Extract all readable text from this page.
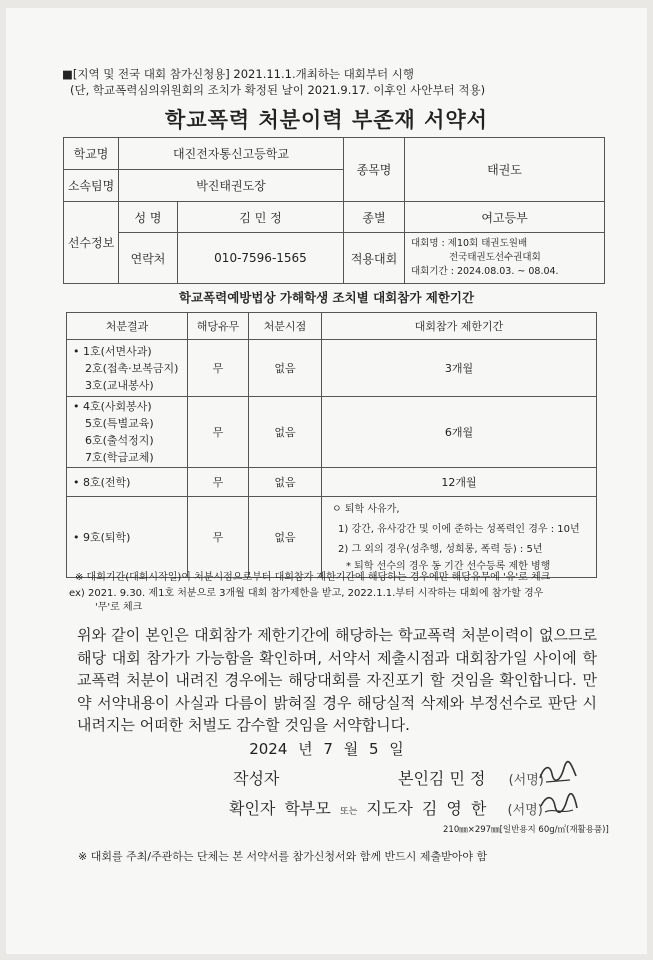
■[지역 및 전국 대회 참가신청용] 2021.11.1.개최하는 대회부터 시행
(단, 학교폭력심의위원회의 조치가 확정된 날이 2021.9.17. 이후인 사안부터 적용)
학교폭력 처분이력 부존재 서약서
학교명	대진전자통신고등학교		종목명	태권도
소속팀명	박진태권도장			
선수정보	성 명	김 민 정	종별	여고등부
	연락처	010-7596-1565	적용대회	대회명 : 제10회 태권도원배
전국태권도선수권대회
대회기간 : 2024.08.03. ~ 08.04.
학교폭력예방법상 가해학생 조치별 대회참가 제한기간
처분결과	해당유무	처분시점	대회참가 제한기간

• 1호(서면사과)
2호(접촉·보복금지)
3호(교내봉사)	무	없음	3개월

• 4호(사회봉사)
5호(특별교육)
6호(출석정지)
7호(학급교체)	무	없음	6개월

• 8호(전학)	무	없음	12개월

• 9호(퇴학)	무	없음	ㅇ 퇴학 사유가,
1) 강간, 유사강간 및 이에 준하는 성폭력인 경우 : 10년
2) 그 외의 경우(성추행, 성희롱, 폭력 등) : 5년
* 퇴학 선수의 경우 동 기간 선수등록 제한 병행
※ 대회기간(대회시작일)이 처분시점으로부터 대회참가 제한기간에 해당하는 경우에만 해당유무에 '유'로 체크
ex) 2021. 9.30. 제1호 처분으로 3개월 대회 참가제한을 받고, 2022.1.1.부터 시작하는 대회에 참가할 경우
'무'로 체크
위와 같이 본인은 대회참가 제한기간에 해당하는 학교폭력 처분이력이 없으므로 해당 대회 참가가 가능함을 확인하며, 서약서 제출시점과 대회참가일 사이에 학교폭력 처분이 내려진 경우에는 해당대회를 자진포기 할 것임을 확인합니다. 만약 서약내용이 사실과 다름이 밝혀질 경우 해당실적 삭제와 부정선수로 판단 시 내려지는 어떠한 처벌도 감수할 것임을 서약합니다.
2024 년 7 월 5 일
작성자	본인김 민 정 (서명)
확인자 학부모 또는 지도자 김 영 한 (서명)
210㎜×297㎜[일반용지 60g/㎡(재활용품)]
※ 대회를 주최/주관하는 단체는 본 서약서를 참가신청서와 함께 반드시 제출받아야 함
